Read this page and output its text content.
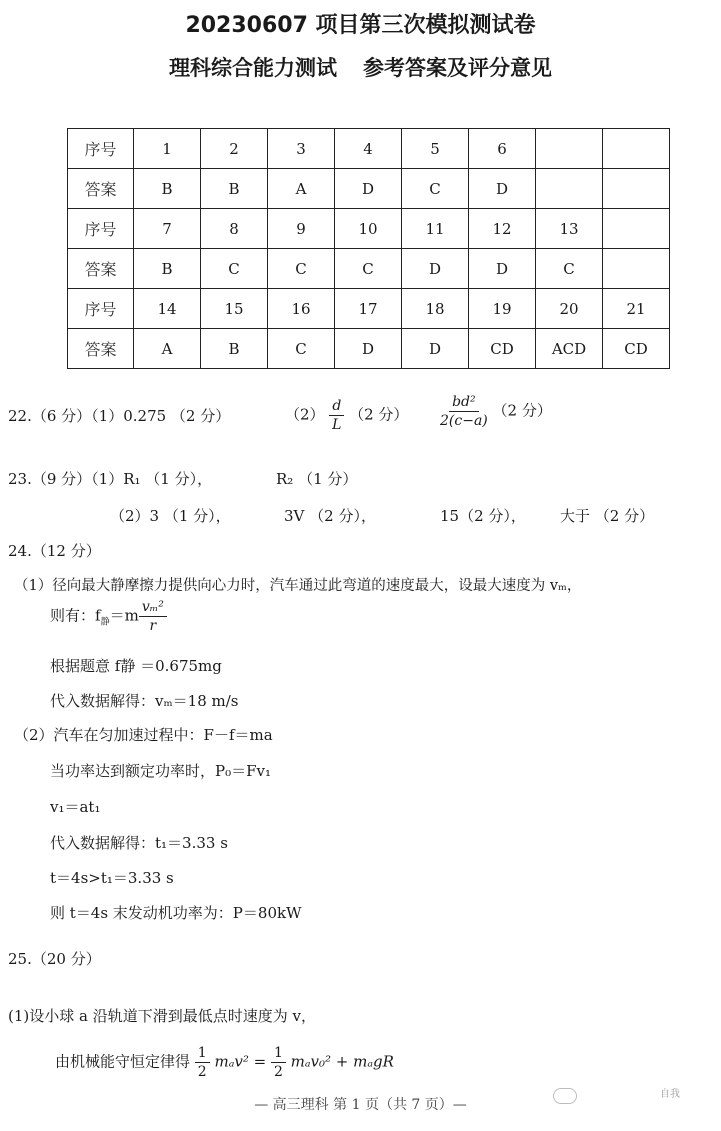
20230607 项目第三次模拟测试卷
理科综合能力测试 参考答案及评分意见
序号	1	2	3	4	5	6		
答案	B	B	A	D	C	D		
序号	7	8	9	10	11	12	13	
答案	B	C	C	C	D	D	C	
序号	14	15	16	17	18	19	20	21
答案	A	B	C	D	D	CD	ACD	CD
22.（6 分）（1）0.275 （2 分）	$(2) \frac{d}{L} (2$ 分） $\frac{\text{bd²}}{2(c-a)} (2$ 分）
23.（9 分）（1）R₁ （1 分），	R₂ （1 分）
（2）3 （1 分），	3V （2 分），	15（2 分）， 大于 （2 分）
24.（12 分）
（1）径向最大静摩擦力提供向心力时，汽车通过此弯道的速度最大，设最大速度为 vₘ，
则有：$f_静=m \frac{\text{vₘ²}}{r}$
根据题意 f静 ＝0.675mg
代入数据解得：vₘ＝18 m/s
（2）汽车在匀加速过程中：F－f＝ma
当功率达到额定功率时，P₀＝Fv₁
v₁＝at₁
代入数据解得：t₁＝3.33 s
t＝4s>t₁＝3.33 s
则 t＝4s 末发动机功率为：P＝80kW
25.（20 分）
(1)设小球 a 沿轨道下滑到最低点时速度为 v，
由机械能守恒定律得 $\frac{1}{2} m_av^2 = \frac{1}{2} m_av_0^2 + m_agR$
— 高三理科 第 1 页（共 7 页）—
自我
